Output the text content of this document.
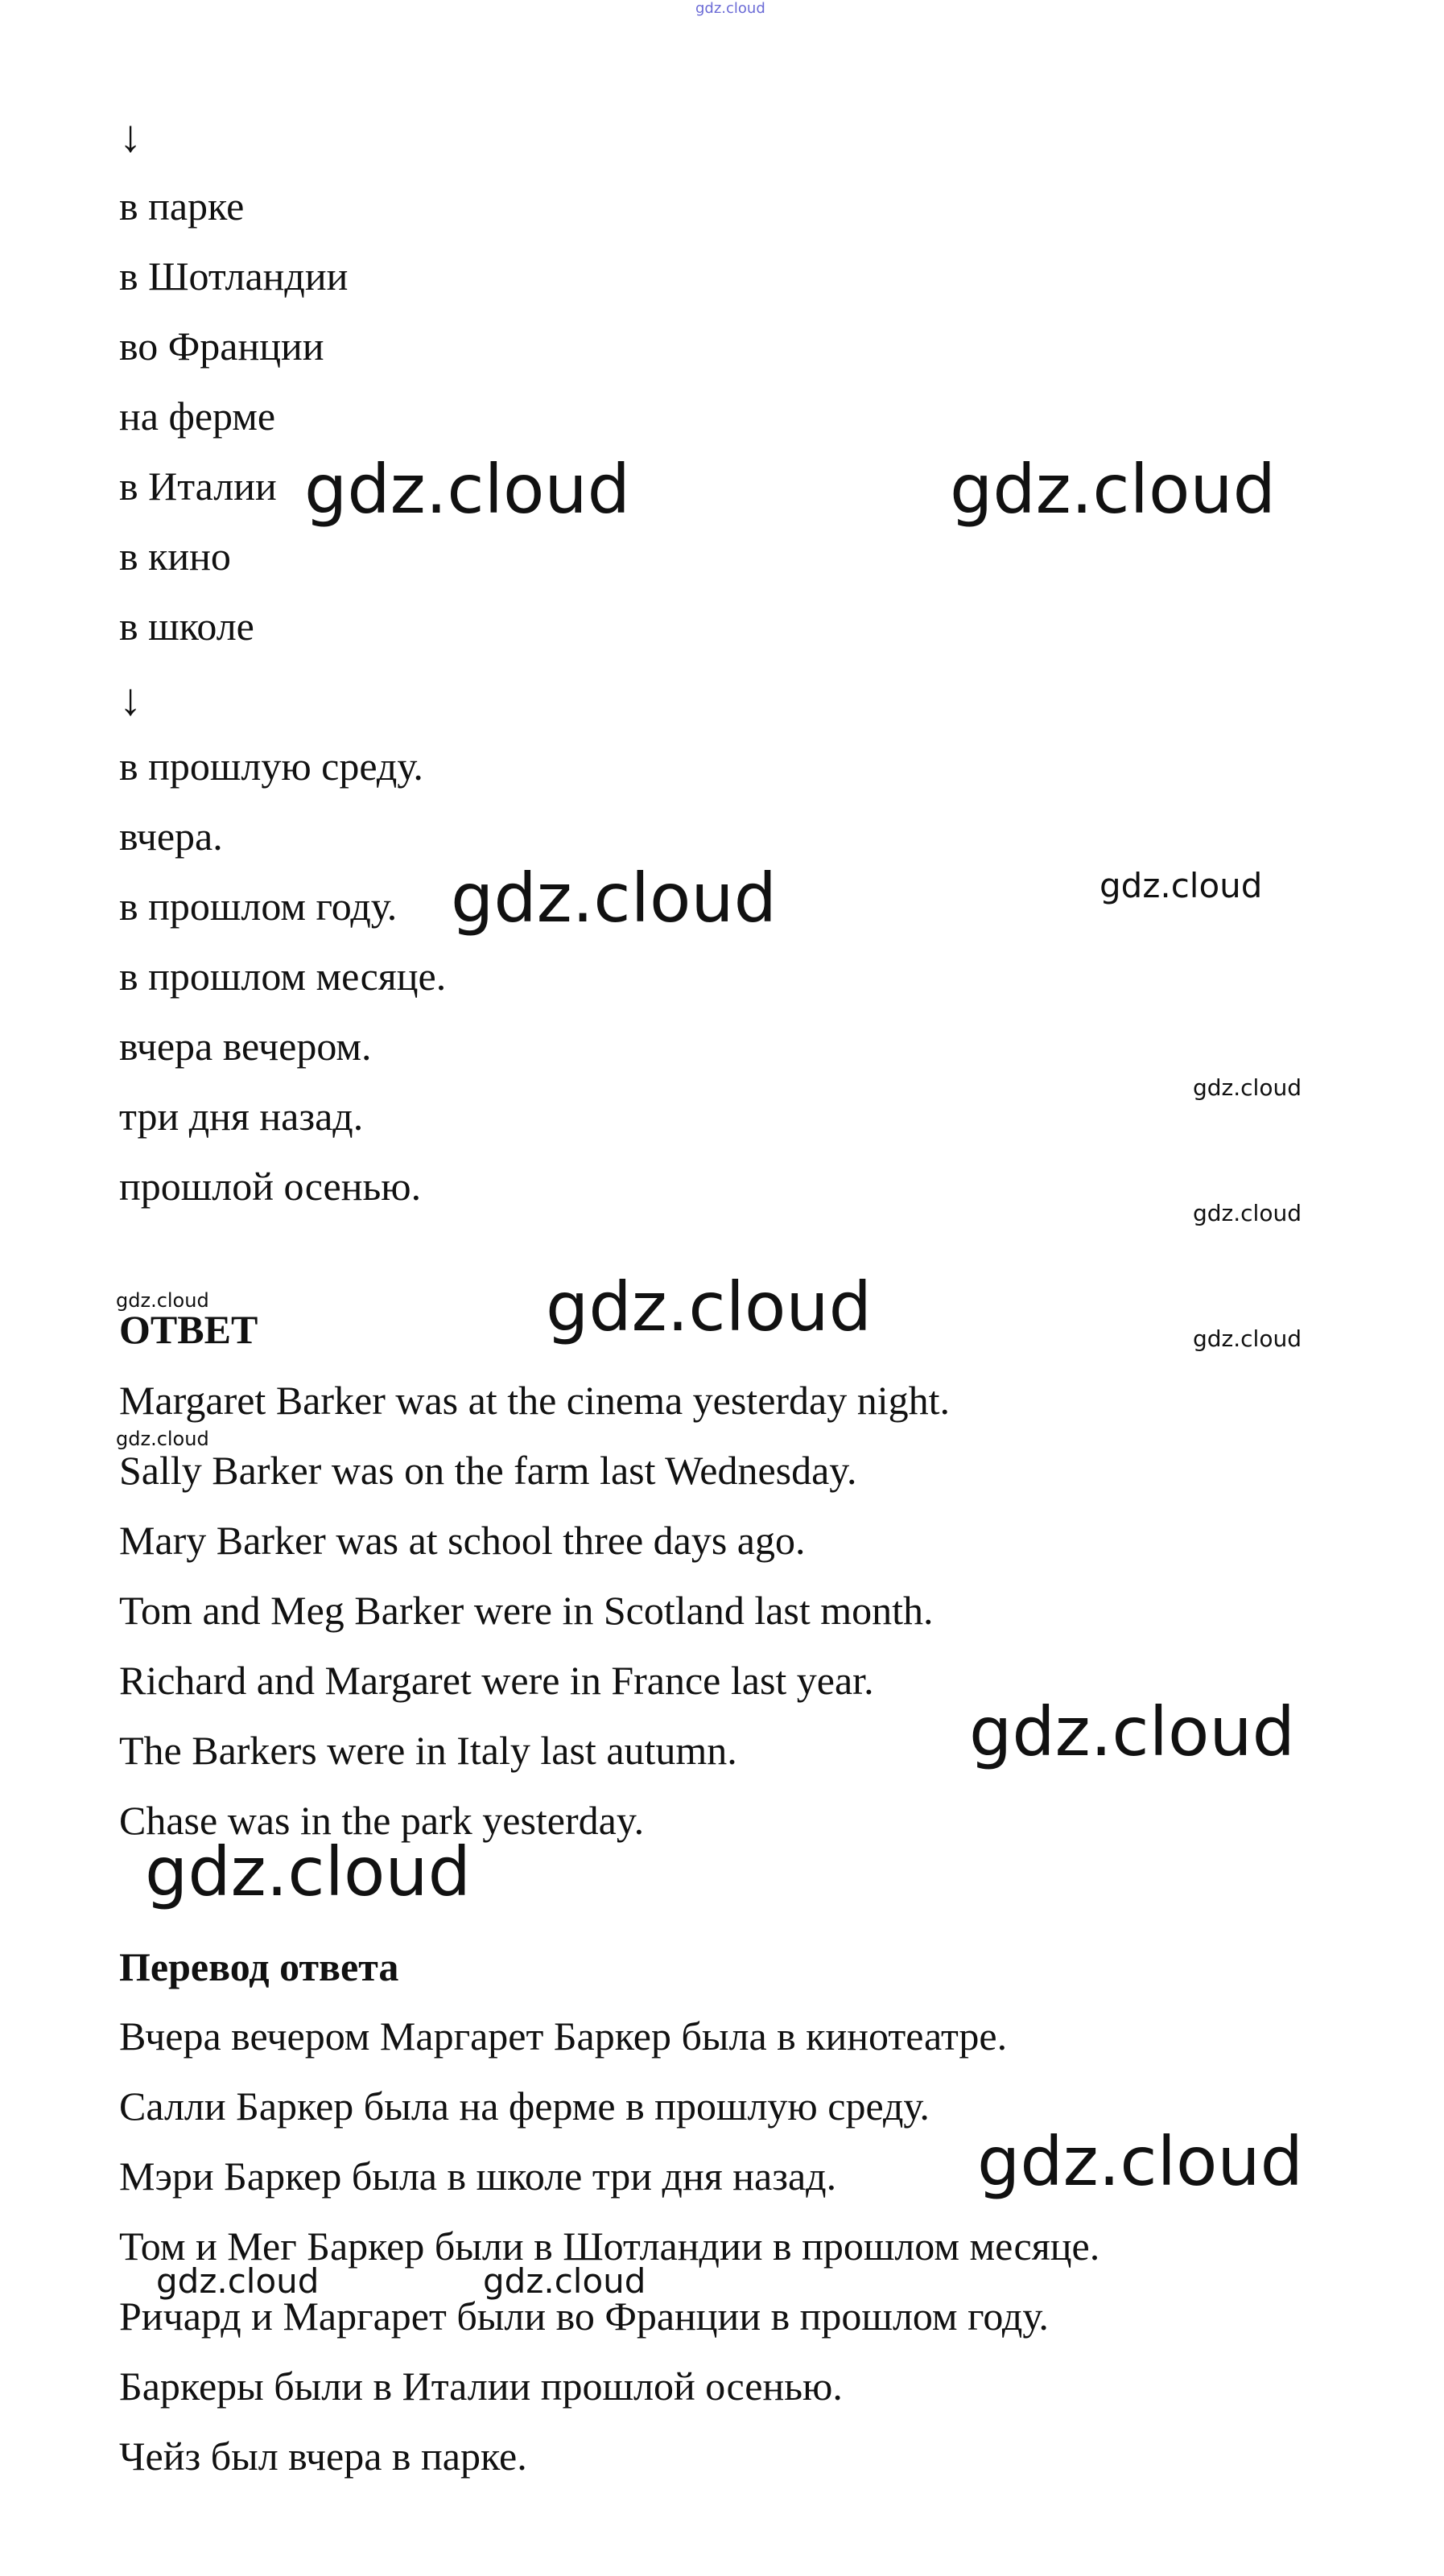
gdz.cloud
↓
в парке
в Шотландии
во Франции
на ферме
в Италии
в кино
в школе
↓
в прошлую среду.
вчера.
в прошлом году.
в прошлом месяце.
вчера вечером.
три дня назад.
прошлой осенью.
ОТВЕТ
Margaret Barker was at the cinema yesterday night.
Sally Barker was on the farm last Wednesday.
Mary Barker was at school three days ago.
Tom and Meg Barker were in Scotland last month.
Richard and Margaret were in France last year.
The Barkers were in Italy last autumn.
Chase was in the park yesterday.
Перевод ответа
Вчера вечером Маргарет Баркер была в кинотеатре.
Салли Баркер была на ферме в прошлую среду.
Мэри Баркер была в школе три дня назад.
Том и Мег Баркер были в Шотландии в прошлом месяце.
Ричард и Маргарет были во Франции в прошлом году.
Баркеры были в Италии прошлой осенью.
Чейз был вчера в парке.
gdz.cloud	gdz.cloud
gdz.cloud	gdz.cloud
gdz.cloud
gdz.cloud
gdz.cloud	gdz.cloud	gdz.cloud
gdz.cloud
gdz.cloud
gdz.cloud
gdz.cloud
gdz.cloud	gdz.cloud
